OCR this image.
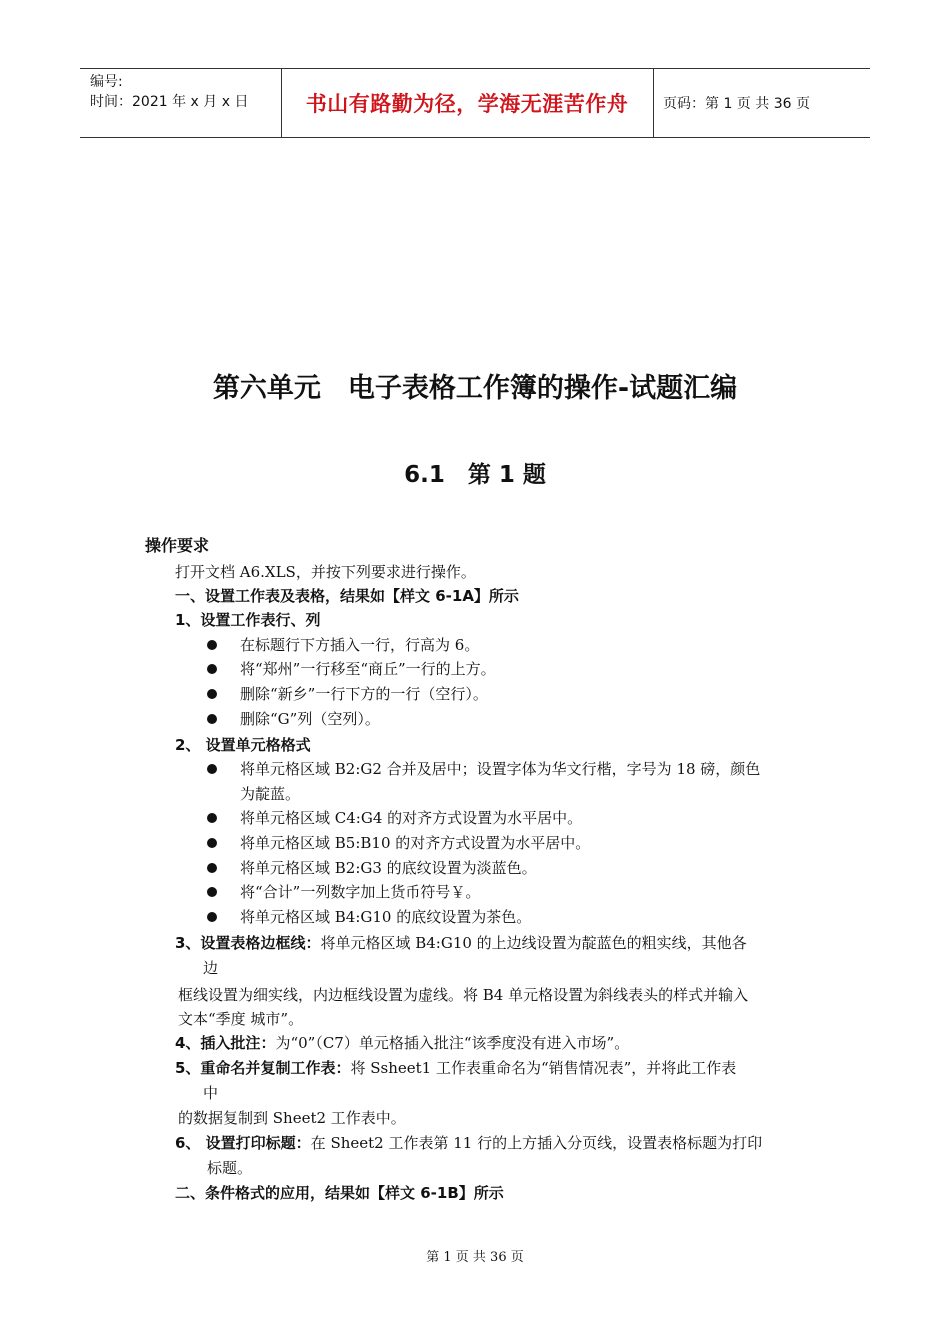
编号:
时间：2021 年 x 月 x 日	书山有路勤为径，学海无涯苦作舟	页码：第 1 页 共 36 页
第六单元　电子表格工作簿的操作-试题汇编
6.1　第 1 题
操作要求
打开文档 A6.XLS，并按下列要求进行操作。
一、设置工作表及表格，结果如【样文 6-1A】所示
1、设置工作表行、列
在标题行下方插入一行，行高为 6。
将“郑州”一行移至“商丘”一行的上方。
删除“新乡”一行下方的一行（空行）。
删除“G”列（空列）。
2、 设置单元格格式
将单元格区域 B2:G2 合并及居中；设置字体为华文行楷，字号为 18 磅，颜色
为靛蓝。
将单元格区域 C4:G4 的对齐方式设置为水平居中。
将单元格区域 B5:B10 的对齐方式设置为水平居中。
将单元格区域 B2:G3 的底纹设置为淡蓝色。
将“合计”一列数字加上货币符号￥。
将单元格区域 B4:G10 的底纹设置为茶色。
3、设置表格边框线：将单元格区域 B4:G10 的上边线设置为靛蓝色的粗实线，其他各
边
框线设置为细实线，内边框线设置为虚线。将 B4 单元格设置为斜线表头的样式并输入
文本“季度 城市”。
4、插入批注：为“0”（C7）单元格插入批注“该季度没有进入市场”。
5、重命名并复制工作表：将 Ssheet1 工作表重命名为“销售情况表”，并将此工作表
中
的数据复制到 Sheet2 工作表中。
6、 设置打印标题：在 Sheet2 工作表第 11 行的上方插入分页线，设置表格标题为打印
标题。
二、条件格式的应用，结果如【样文 6-1B】所示
第 1 页 共 36 页
